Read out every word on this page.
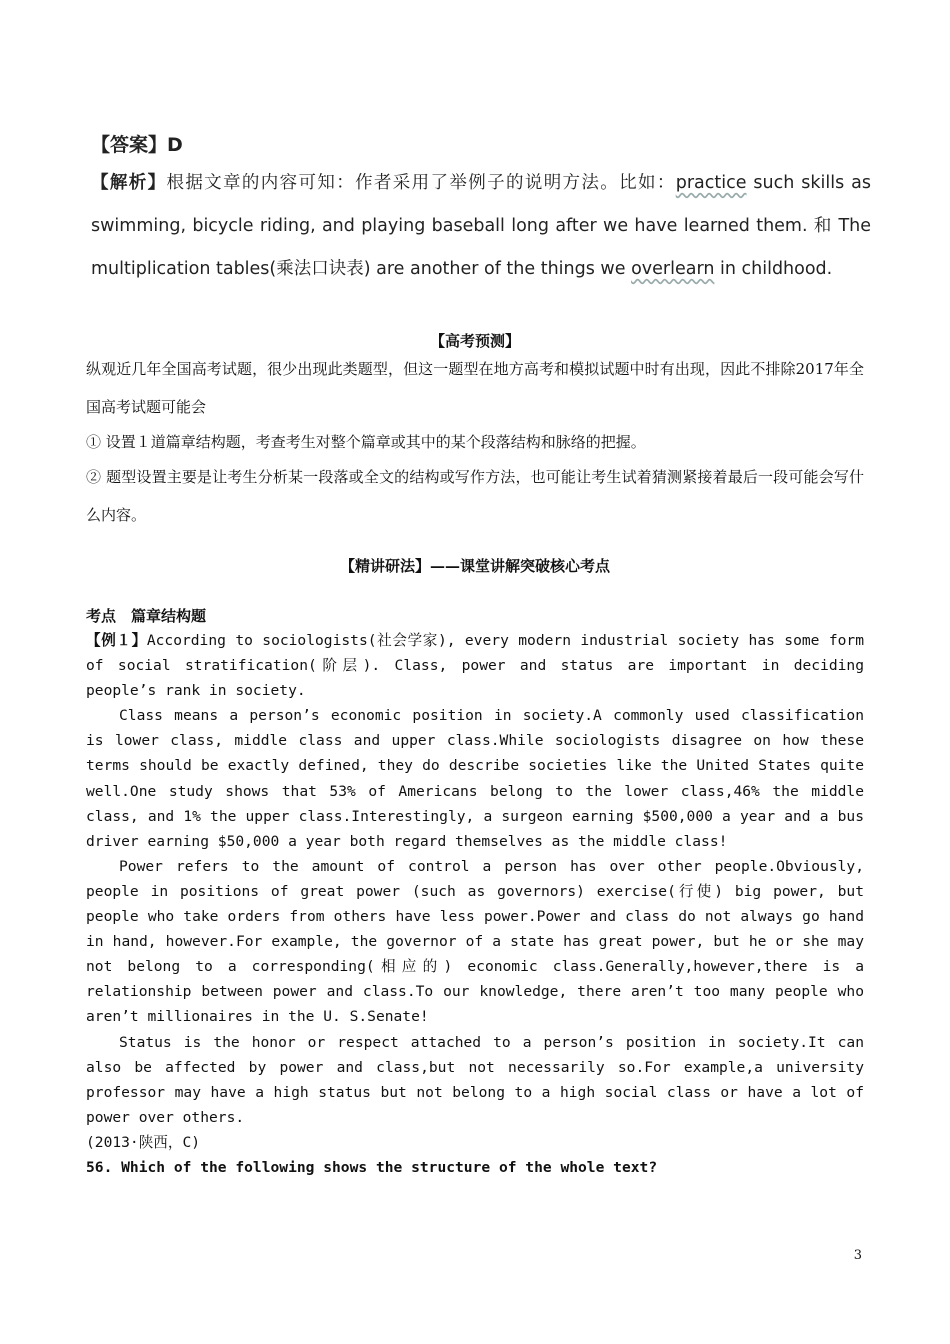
【答案】D
【解析】根据文章的内容可知：作者采用了举例子的说明方法。比如：practice such skills as swimming, bicycle riding, and playing baseball long after we have learned them. 和 The multiplication tables(乘法口诀表) are another of the things we overlearn in childhood.
【高考预测】

纵观近几年全国高考试题，很少出现此类题型，但这一题型在地方高考和模拟试题中时有出现，因此不排除2017年全国高考试题可能会

① 设置１道篇章结构题，考查考生对整个篇章或其中的某个段落结构和脉络的把握。

② 题型设置主要是让考生分析某一段落或全文的结构或写作方法，也可能让考生试着猜测紧接着最后一段可能会写什么内容。

【精讲研法】——课堂讲解突破核心考点
考点　篇章结构题

【例１】According to sociologists(社会学家), every modern industrial society has some form of social stratification(阶层). Class, power and status are important in deciding people’s rank in society.

Class means a person’s economic position in society.A commonly used classification is lower class, middle class and upper class.While sociologists disagree on how these terms should be exactly defined, they do describe societies like the United States quite well.One study shows that 53% of Americans belong to the lower class,46% the middle class, and 1% the upper class.Interestingly, a surgeon earning $500,000 a year and a bus driver earning $50,000 a year both regard themselves as the middle class!

Power refers to the amount of control a person has over other people.Obviously, people in positions of great power (such as governors) exercise(行使) big power, but people who take orders from others have less power.Power and class do not always go hand in hand, however.For example, the governor of a state has great power, but he or she may not belong to a corresponding(相应的) economic class.Generally,however,there is a relationship between power and class.To our knowledge, there aren’t too many people who aren’t millionaires in the U. S.Senate!

Status is the honor or respect attached to a person’s position in society.It can also be affected by power and class,but not necessarily so.For example,a university professor may have a high status but not belong to a high social class or have a lot of power over others.

(2013·陕西，C)

56. Which of the following shows the structure of the whole text?

3
